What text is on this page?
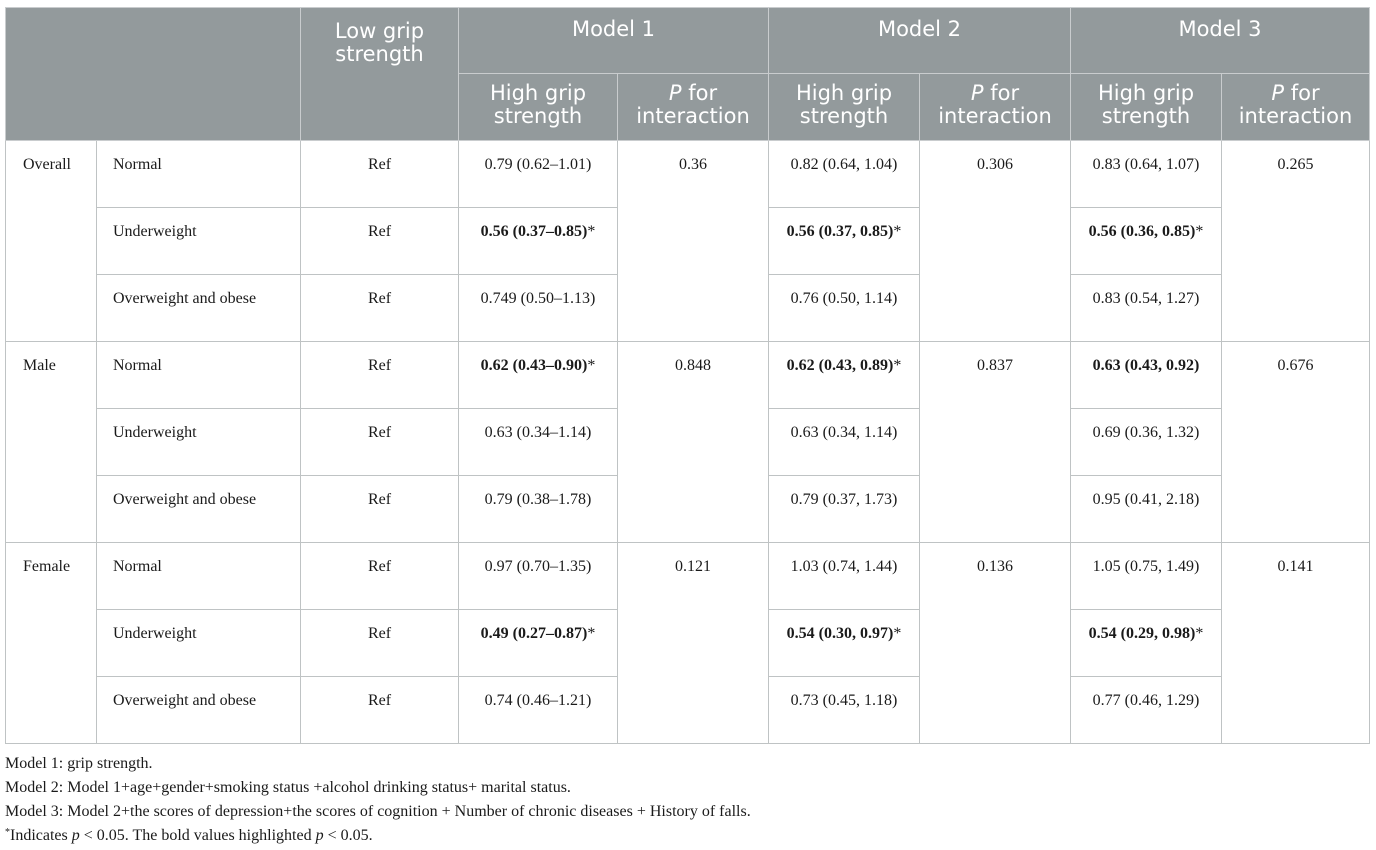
		Low grip strength	Model 1		Model 2		Model 3	
			High grip strength	P for interaction	High grip strength	P for interaction	High grip strength	P for interaction
Overall	Normal	Ref	0.79 (0.62–1.01)	0.36	0.82 (0.64, 1.04)	0.306	0.83 (0.64, 1.07)	0.265
	Underweight	Ref	0.56 (0.37–0.85)*		0.56 (0.37, 0.85)*		0.56 (0.36, 0.85)*	
	Overweight and obese	Ref	0.749 (0.50–1.13)		0.76 (0.50, 1.14)		0.83 (0.54, 1.27)	
Male	Normal	Ref	0.62 (0.43–0.90)*	0.848	0.62 (0.43, 0.89)*	0.837	0.63 (0.43, 0.92)	0.676
	Underweight	Ref	0.63 (0.34–1.14)		0.63 (0.34, 1.14)		0.69 (0.36, 1.32)	
	Overweight and obese	Ref	0.79 (0.38–1.78)		0.79 (0.37, 1.73)		0.95 (0.41, 2.18)	
Female	Normal	Ref	0.97 (0.70–1.35)	0.121	1.03 (0.74, 1.44)	0.136	1.05 (0.75, 1.49)	0.141
	Underweight	Ref	0.49 (0.27–0.87)*		0.54 (0.30, 0.97)*		0.54 (0.29, 0.98)*	
	Overweight and obese	Ref	0.74 (0.46–1.21)		0.73 (0.45, 1.18)		0.77 (0.46, 1.29)	
Model 1: grip strength.
Model 2: Model 1+age+gender+smoking status +alcohol drinking status+ marital status.
Model 3: Model 2+the scores of depression+the scores of cognition + Number of chronic diseases + History of falls.
*Indicates p < 0.05. The bold values highlighted p < 0.05.
